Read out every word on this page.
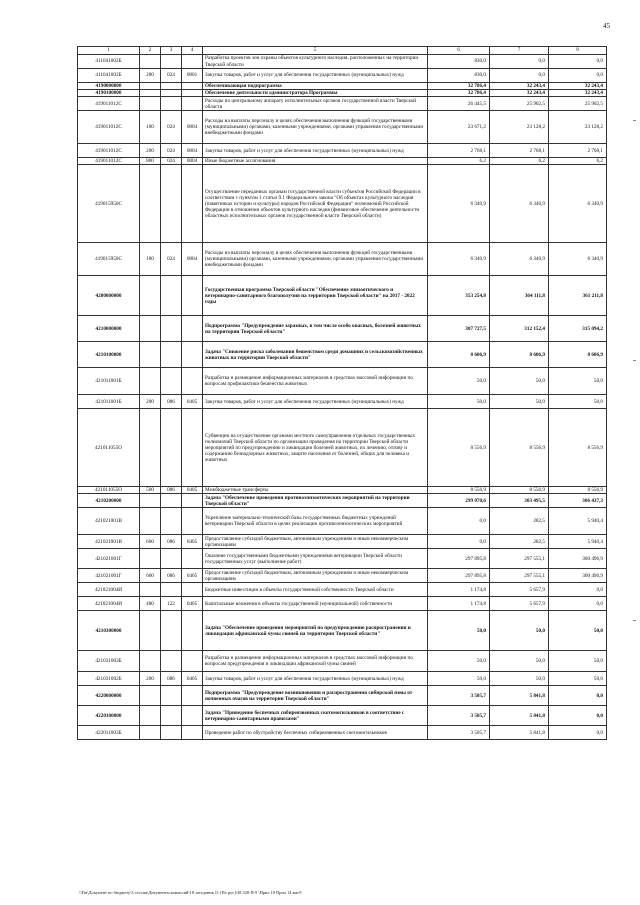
45
1	2	3	4	5	6	7	8
411041002Б				Разработка проектов зон охраны объектов культурного наследия, расположенных на территории Тверской области	830,0	0,0	0,0
411041002Б	200	024	0801	Закупка товаров, работ и услуг для обеспечения государственных (муниципальных) нужд	830,0	0,0	0,0
4190000000				Обеспечивающая подпрограмма	32 786,4	32 243,4	32 243,4
4190100000				Обеспечение деятельности администратора Программы	32 786,4	32 243,4	32 243,4
419011012С				Расходы по центральному аппарату исполнительных органов государственной власти Тверской области	26 445,5	25 902,5	25 902,5
419011012С	100	024	0804	Расходы на выплаты персоналу в целях обеспечения выполнения функций государственными (муниципальными) органами, казенными учреждениями, органами управления государственными внебюджетными фондами	23 671,2	23 128,2	23 128,2
419011012С	200	024	0804	Закупка товаров, работ и услуг для обеспечения государственных (муниципальных) нужд	2 768,1	2 768,1	2 768,1
419011012С	800	024	0804	Иные бюджетные ассигнования	6,2	6,2	6,2
419015950С				Осуществление переданных органам государственной власти субъектов Российской Федерации в соответствии с пунктом 1 статьи 9.1 Федерального закона "Об объектах культурного наследия (памятниках истории и культуры) народов Российской Федерации" полномочий Российской Федерации в отношении объектов культурного наследия (финансовое обеспечение деятельности областных исполнительных органов государственной власти Тверской области)	6 340,9	6 340,9	6 340,9
419015950С	100	024	0804	Расходы на выплаты персоналу в целях обеспечения выполнения функций государственными (муниципальными) органами, казенными учреждениями, органами управления государственными внебюджетными фондами	6 340,9	6 340,9	6 340,9
4200000000				Государственная программа Тверской области "Обеспечение эпизоотического и ветеринарно-санитарного благополучия на территории Тверской области" на 2017 - 2022 годы	353 254,8	364 111,8	361 211,8
4210000000				Подпрограмма "Предупреждение заразных, в том числе особо опасных, болезней животных на территории Тверской области"	307 727,5	312 152,4	315 094,2
4210100000				Задача "Снижение риска заболевания бешенством среди домашних и сельскохозяйственных животных на территории Тверской области"	8 606,9	8 606,9	8 606,9
421011001Б				Разработка и размещение информационных материалов в средствах массовой информации по вопросам профилактики бешенства животных	50,0	50,0	50,0
421011001Б	200	086	0405	Закупка товаров, работ и услуг для обеспечения государственных (муниципальных) нужд	50,0	50,0	50,0
421011055О				Субвенции на осуществление органами местного самоуправления отдельных государственных полномочий Тверской области по организации проведения на территории Тверской области мероприятий по предупреждению и ликвидации болезней животных, их лечению, отлову и содержанию безнадзорных животных, защите населения от болезней, общих для человека и животных	8 556,9	8 556,9	8 556,9
421011055О	500	086	0405	Межбюджетные трансферты	8 556,9	8 556,9	8 556,9
4210200000				Задача "Обеспечение проведения противоэпизоотических мероприятий на территории Тверской области"	299 070,6	303 495,5	306 437,3
421021001В				Укрепление материально-технической базы государственных бюджетных учреждений ветеринарии Тверской области в целях реализации противоэпизоотических мероприятий	0,0	282,5	5 940,4
421021001В	600	086	0405	Предоставление субсидий бюджетным, автономным учреждениям и иным некоммерческим организациям	0,0	282,5	5 940,4
421021001Г				Оказание государственными бюджетными учреждениями ветеринарии Тверской области государственных услуг (выполнение работ)	297 895,8	297 555,1	300 496,9
421021001Г	600	086	0405	Предоставление субсидий бюджетным, автономным учреждениям и иным некоммерческим организациям	297 895,8	297 555,1	300 496,9
421021004И				Бюджетные инвестиции в объекты государственной собственности Тверской области	1 174,8	5 657,9	0,0
421021004И	400	122	0405	Капитальные вложения в объекты государственной (муниципальной) собственности	1 174,8	5 657,9	0,0
4210300000				Задача "Обеспечение проведения мероприятий по предупреждению распространения и ликвидации африканской чумы свиней на территории Тверской области"	50,0	50,0	50,0
421031002Б				Разработка и размещение информационных материалов в средствах массовой информации по вопросам предупреждения и ликвидации африканской чумы свиней	50,0	50,0	50,0
421031002Б	200	086	0405	Закупка товаров, работ и услуг для обеспечения государственных (муниципальных) нужд	50,0	50,0	50,0
4220000000				Подпрограмма "Предупреждение возникновения и распространения сибирской язвы от почвенных очагов на территории Тверской области"	3 505,7	5 841,8	0,0
4220100000				Задача "Приведение беспечных сибиреязвенных скотомогильников в соответствие с ветеринарно-санитарными правилами"	3 505,7	5 841,8	0,0
422011003Б				Проведение работ по обустройству беспечных сибиреязвенных скотомогильников	3 505,7	5 841,8	0,0
\\Fin\Документ по бюджету\3 сессия\Документы комиссий\18 заседания 11 (По рус)\38 328-П-9 \Прил 10 Прил 14 мас9
